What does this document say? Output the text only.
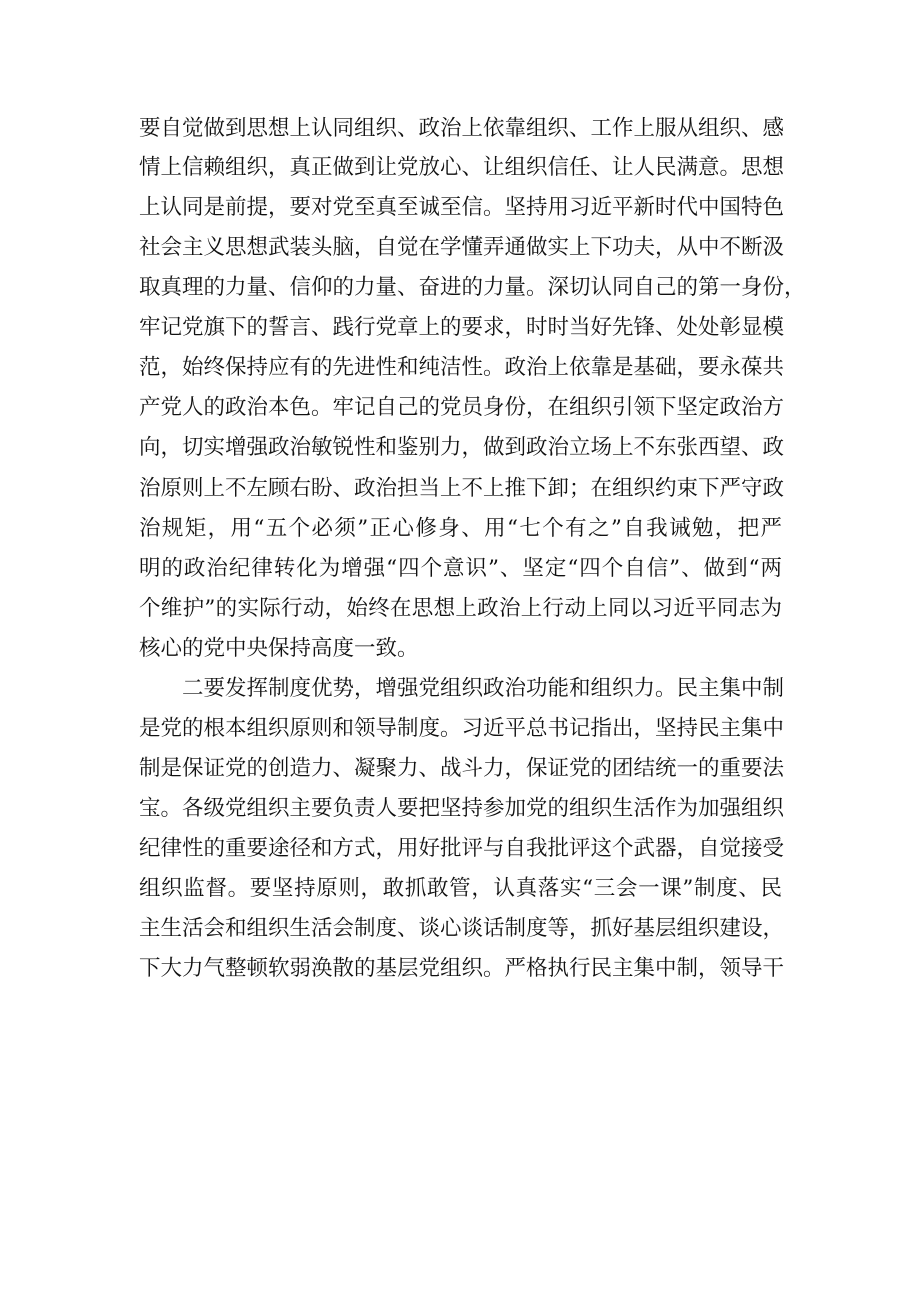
要自觉做到思想上认同组织、政治上依靠组织、工作上服从组织、感
情上信赖组织，真正做到让党放心、让组织信任、让人民满意。思想
上认同是前提，要对党至真至诚至信。坚持用习近平新时代中国特色
社会主义思想武装头脑，自觉在学懂弄通做实上下功夫，从中不断汲
取真理的力量、信仰的力量、奋进的力量。深切认同自己的第一身份，
牢记党旗下的誓言、践行党章上的要求，时时当好先锋、处处彰显模
范，始终保持应有的先进性和纯洁性。政治上依靠是基础，要永葆共
产党人的政治本色。牢记自己的党员身份，在组织引领下坚定政治方
向，切实增强政治敏锐性和鉴别力，做到政治立场上不东张西望、政
治原则上不左顾右盼、政治担当上不上推下卸；在组织约束下严守政
治规矩，用“五个必须”正心修身、用“七个有之”自我诫勉，把严
明的政治纪律转化为增强“四个意识”、坚定“四个自信”、做到“两
个维护”的实际行动，始终在思想上政治上行动上同以习近平同志为
核心的党中央保持高度一致。
二要发挥制度优势，增强党组织政治功能和组织力。民主集中制
是党的根本组织原则和领导制度。习近平总书记指出，坚持民主集中
制是保证党的创造力、凝聚力、战斗力，保证党的团结统一的重要法
宝。各级党组织主要负责人要把坚持参加党的组织生活作为加强组织
纪律性的重要途径和方式，用好批评与自我批评这个武器，自觉接受
组织监督。要坚持原则，敢抓敢管，认真落实“三会一课”制度、民
主生活会和组织生活会制度、谈心谈话制度等，抓好基层组织建设，
下大力气整顿软弱涣散的基层党组织。严格执行民主集中制，领导干
